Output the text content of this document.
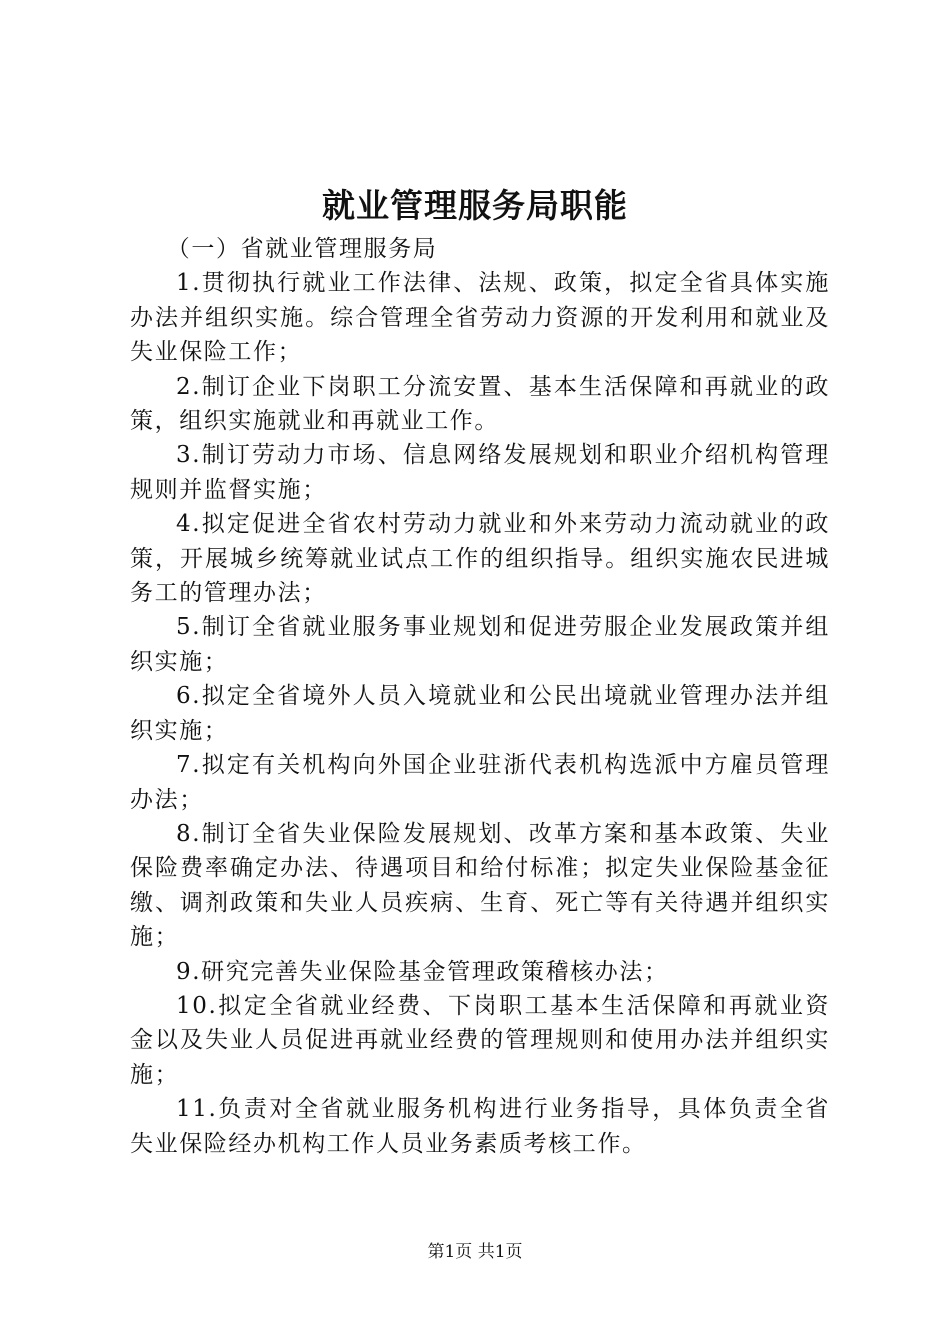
就业管理服务局职能

（一）省就业管理服务局

1.贯彻执行就业工作法律、法规、政策，拟定全省具体实施办法并组织实施。综合管理全省劳动力资源的开发利用和就业及失业保险工作；

2.制订企业下岗职工分流安置、基本生活保障和再就业的政策，组织实施就业和再就业工作。

3.制订劳动力市场、信息网络发展规划和职业介绍机构管理规则并监督实施；

4.拟定促进全省农村劳动力就业和外来劳动力流动就业的政策，开展城乡统筹就业试点工作的组织指导。组织实施农民进城务工的管理办法；

5.制订全省就业服务事业规划和促进劳服企业发展政策并组织实施；

6.拟定全省境外人员入境就业和公民出境就业管理办法并组织实施；

7.拟定有关机构向外国企业驻浙代表机构选派中方雇员管理办法；

8.制订全省失业保险发展规划、改革方案和基本政策、失业保险费率确定办法、待遇项目和给付标准；拟定失业保险基金征缴、调剂政策和失业人员疾病、生育、死亡等有关待遇并组织实施；

9.研究完善失业保险基金管理政策稽核办法；

10.拟定全省就业经费、下岗职工基本生活保障和再就业资金以及失业人员促进再就业经费的管理规则和使用办法并组织实施；

11.负责对全省就业服务机构进行业务指导，具体负责全省失业保险经办机构工作人员业务素质考核工作。

第1页 共1页
